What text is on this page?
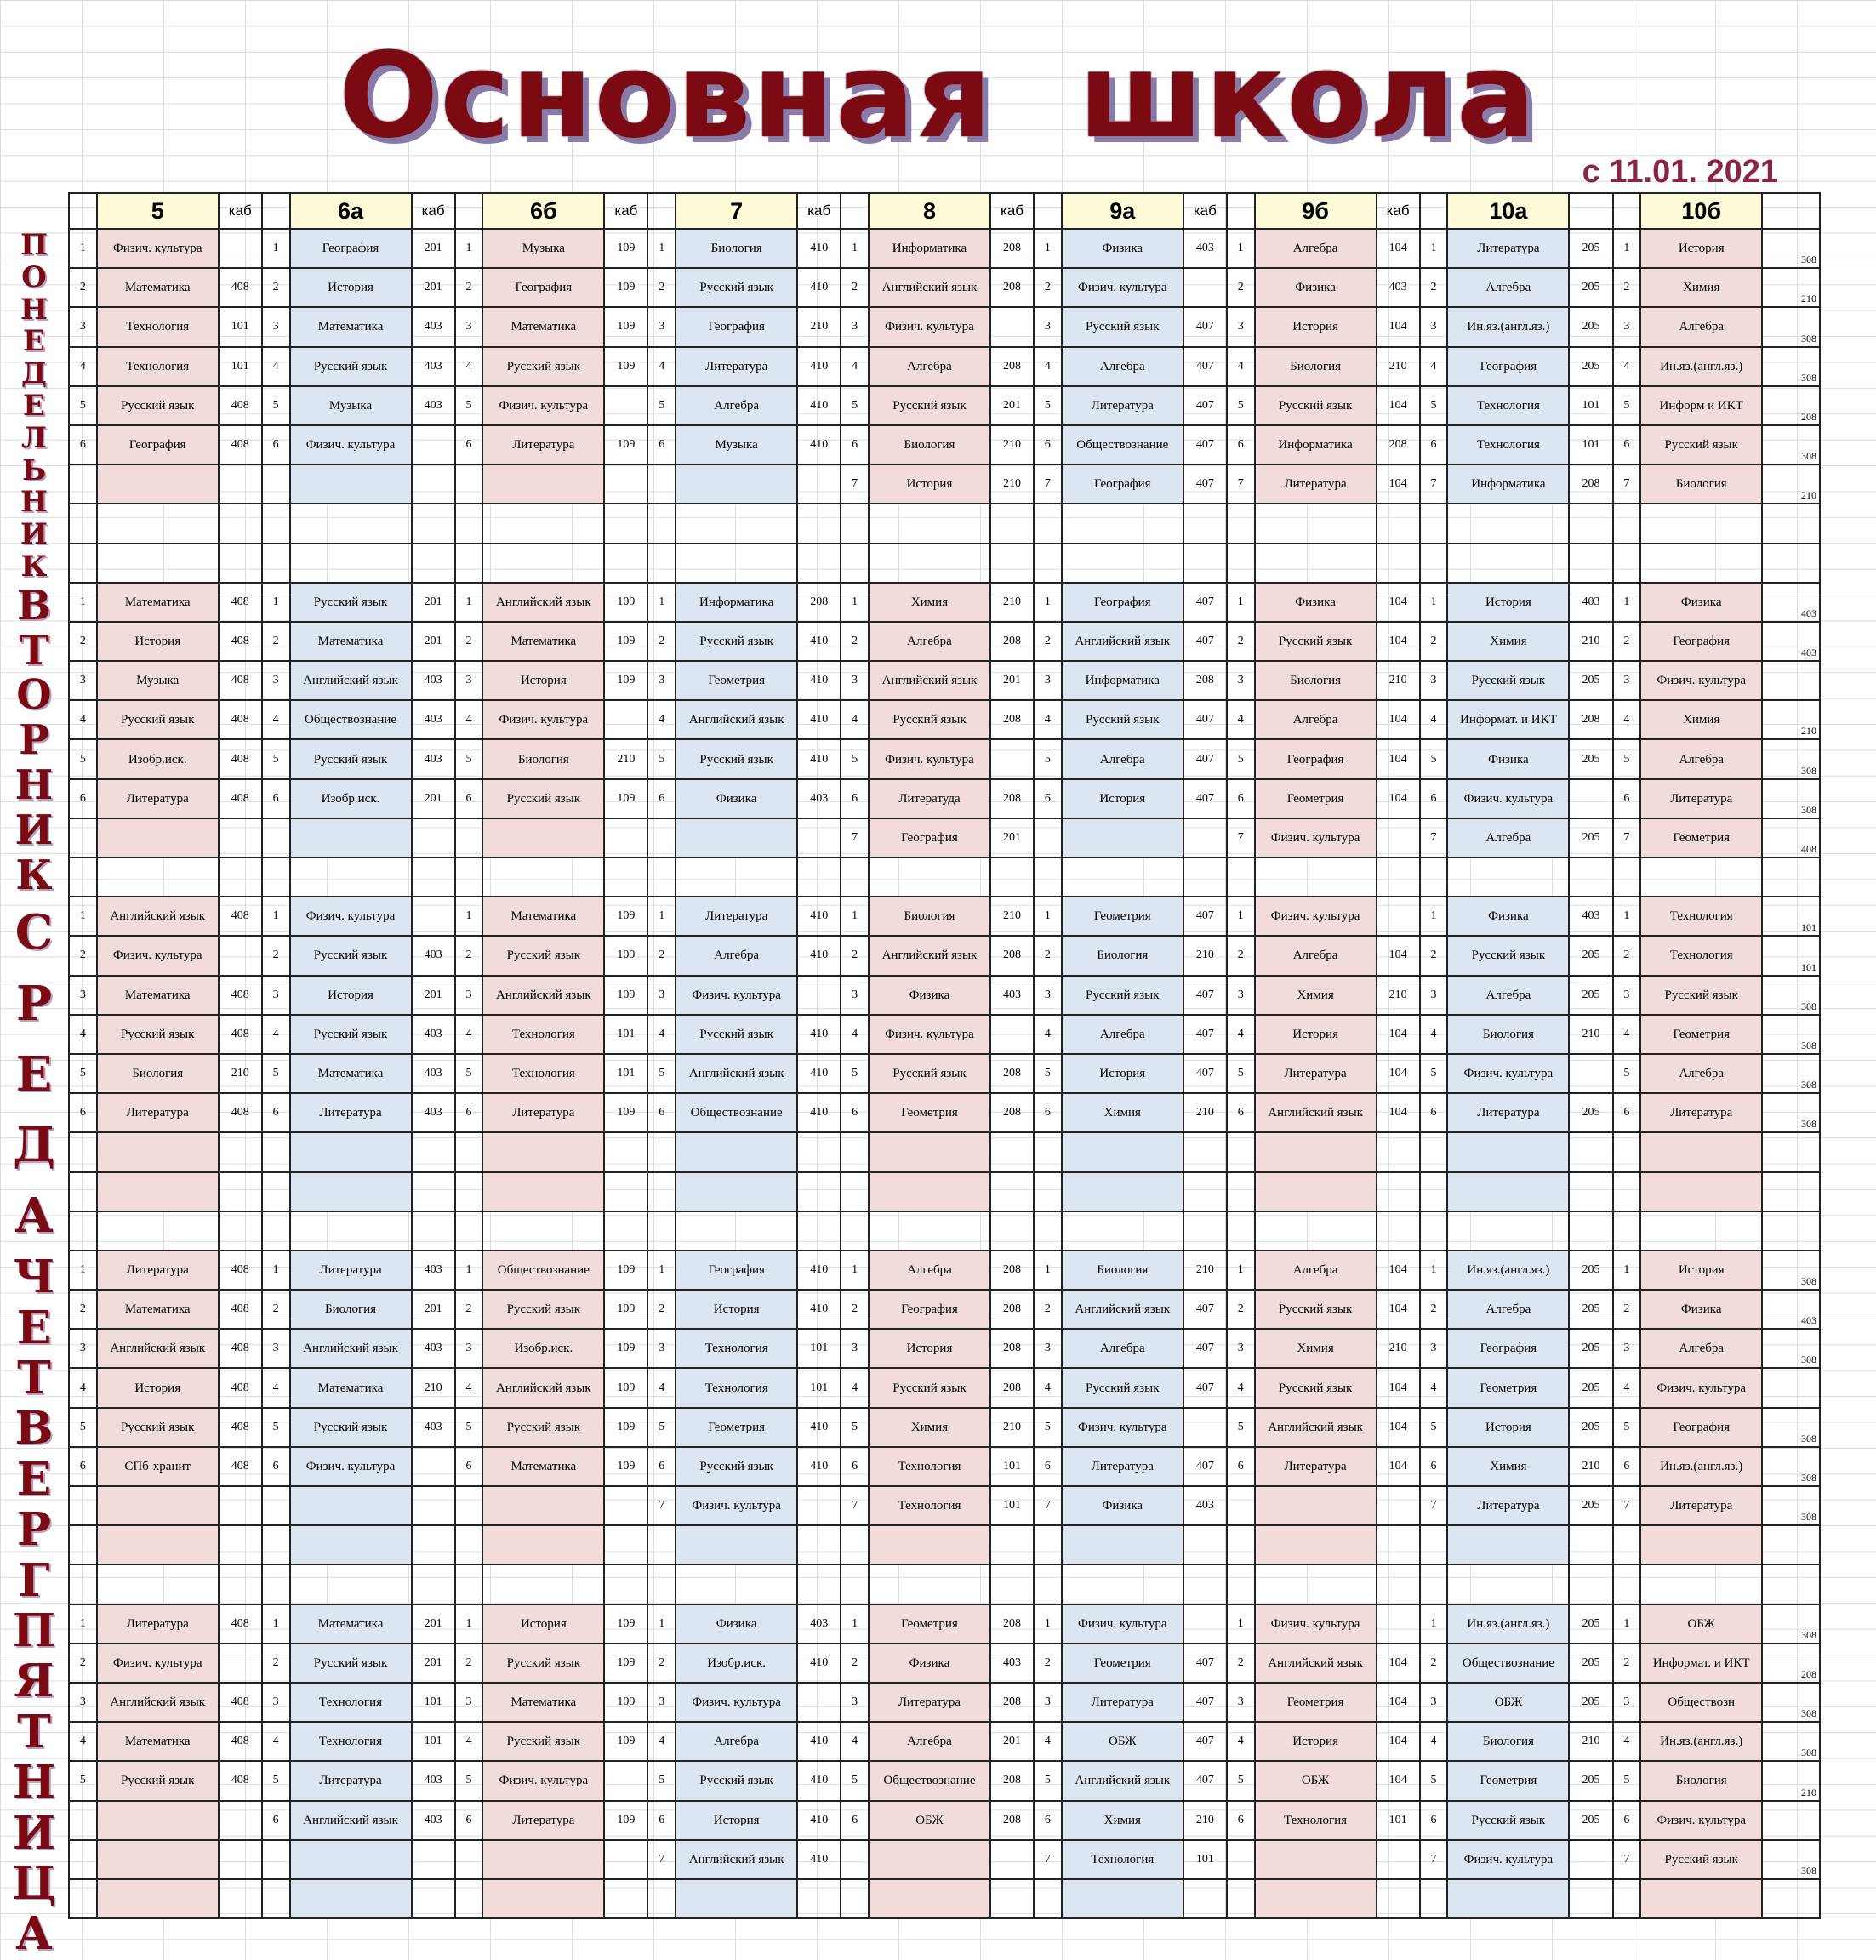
Основная  школа
с 11.01. 2021
П
О
Н
Е
Д
Е
Л
Ь
Н
И
К
В
Т
О
Р
Н
И
К
С
Р
Е
Д
А
Ч
Е
Т
В
Е
Р
Г
П
Я
Т
Н
И
Ц
А
	5	каб		6а	каб		6б	каб		7	каб		8	каб		9а	каб		9б	каб		10а			10б	
1	Физич. культура		1	География	201	1	Музыка	109	1	Биология	410	1	Информатика	208	1	Физика	403	1	Алгебра	104	1	Литература	205	1	История	308
2	Математика	408	2	История	201	2	География	109	2	Русский язык	410	2	Английский язык	208	2	Физич. культура		2	Физика	403	2	Алгебра	205	2	Химия	210
3	Технология	101	3	Математика	403	3	Математика	109	3	География	210	3	Физич. культура		3	Русский язык	407	3	История	104	3	Ин.яз.(англ.яз.)	205	3	Алгебра	308
4	Технология	101	4	Русский язык	403	4	Русский язык	109	4	Литература	410	4	Алгебра	208	4	Алгебра	407	4	Биология	210	4	География	205	4	Ин.яз.(англ.яз.)	308
5	Русский язык	408	5	Музыка	403	5	Физич. культура		5	Алгебра	410	5	Русский язык	201	5	Литература	407	5	Русский язык	104	5	Технология	101	5	Информ и ИКТ	208
6	География	408	6	Физич. культура		6	Литература	109	6	Музыка	410	6	Биология	210	6	Обществознание	407	6	Информатика	208	6	Технология	101	6	Русский язык	308
												7	История	210	7	География	407	7	Литература	104	7	Информатика	208	7	Биология	210

1	Математика	408	1	Русский язык	201	1	Английский язык	109	1	Информатика	208	1	Химия	210	1	География	407	1	Физика	104	1	История	403	1	Физика	403
2	История	408	2	Математика	201	2	Математика	109	2	Русский язык	410	2	Алгебра	208	2	Английский язык	407	2	Русский язык	104	2	Химия	210	2	География	403
3	Музыка	408	3	Английский язык	403	3	История	109	3	Геометрия	410	3	Английский язык	201	3	Информатика	208	3	Биология	210	3	Русский язык	205	3	Физич. культура	
4	Русский язык	408	4	Обществознание	403	4	Физич. культура		4	Английский язык	410	4	Русский язык	208	4	Русский язык	407	4	Алгебра	104	4	Информат. и ИКТ	208	4	Химия	210
5	Изобр.иск.	408	5	Русский язык	403	5	Биология	210	5	Русский язык	410	5	Физич. культура		5	Алгебра	407	5	География	104	5	Физика	205	5	Алгебра	308
6	Литература	408	6	Изобр.иск.	201	6	Русский язык	109	6	Физика	403	6	Литератуда	208	6	История	407	6	Геометрия	104	6	Физич. культура		6	Литература	308
												7	География	201				7	Физич. культура		7	Алгебра	205	7	Геометрия	408

1	Английский язык	408	1	Физич. культура		1	Математика	109	1	Литература	410	1	Биология	210	1	Геометрия	407	1	Физич. культура		1	Физика	403	1	Технология	101
2	Физич. культура		2	Русский язык	403	2	Русский язык	109	2	Алгебра	410	2	Английский язык	208	2	Биология	210	2	Алгебра	104	2	Русский язык	205	2	Технология	101
3	Математика	408	3	История	201	3	Английский язык	109	3	Физич. культура		3	Физика	403	3	Русский язык	407	3	Химия	210	3	Алгебра	205	3	Русский язык	308
4	Русский язык	408	4	Русский язык	403	4	Технология	101	4	Русский язык	410	4	Физич. культура		4	Алгебра	407	4	История	104	4	Биология	210	4	Геометрия	308
5	Биология	210	5	Математика	403	5	Технология	101	5	Английский язык	410	5	Русский язык	208	5	История	407	5	Литература	104	5	Физич. культура		5	Алгебра	308
6	Литература	408	6	Литература	403	6	Литература	109	6	Обществознание	410	6	Геометрия	208	6	Химия	210	6	Английский язык	104	6	Литература	205	6	Литература	308

1	Литература	408	1	Литература	403	1	Обществознание	109	1	География	410	1	Алгебра	208	1	Биология	210	1	Алгебра	104	1	Ин.яз.(англ.яз.)	205	1	История	308
2	Математика	408	2	Биология	201	2	Русский язык	109	2	История	410	2	География	208	2	Английский язык	407	2	Русский язык	104	2	Алгебра	205	2	Физика	403
3	Английский язык	408	3	Английский язык	403	3	Изобр.иск.	109	3	Технология	101	3	История	208	3	Алгебра	407	3	Химия	210	3	География	205	3	Алгебра	308
4	История	408	4	Математика	210	4	Английский язык	109	4	Технология	101	4	Русский язык	208	4	Русский язык	407	4	Русский язык	104	4	Геометрия	205	4	Физич. культура	
5	Русский язык	408	5	Русский язык	403	5	Русский язык	109	5	Геометрия	410	5	Химия	210	5	Физич. культура		5	Английский язык	104	5	История	205	5	География	308
6	СПб-хранит	408	6	Физич. культура		6	Математика	109	6	Русский язык	410	6	Технология	101	6	Литература	407	6	Литература	104	6	Химия	210	6	Ин.яз.(англ.яз.)	308
									7	Физич. культура		7	Технология	101	7	Физика	403				7	Литература	205	7	Литература	308

1	Литература	408	1	Математика	201	1	История	109	1	Физика	403	1	Геометрия	208	1	Физич. культура		1	Физич. культура		1	Ин.яз.(англ.яз.)	205	1	ОБЖ	308
2	Физич. культура		2	Русский язык	201	2	Русский язык	109	2	Изобр.иск.	410	2	Физика	403	2	Геометрия	407	2	Английский язык	104	2	Обществознание	205	2	Информат. и ИКТ	208
3	Английский язык	408	3	Технология	101	3	Математика	109	3	Физич. культура		3	Литература	208	3	Литература	407	3	Геометрия	104	3	ОБЖ	205	3	Обществозн	308
4	Математика	408	4	Технология	101	4	Русский язык	109	4	Алгебра	410	4	Алгебра	201	4	ОБЖ	407	4	История	104	4	Биология	210	4	Ин.яз.(англ.яз.)	308
5	Русский язык	408	5	Литература	403	5	Физич. культура		5	Русский язык	410	5	Обществознание	208	5	Английский язык	407	5	ОБЖ	104	5	Геометрия	205	5	Биология	210
			6	Английский язык	403	6	Литература	109	6	История	410	6	ОБЖ	208	6	Химия	210	6	Технология	101	6	Русский язык	205	6	Физич. культура	
									7	Английский язык	410				7	Технология	101				7	Физич. культура		7	Русский язык	308
